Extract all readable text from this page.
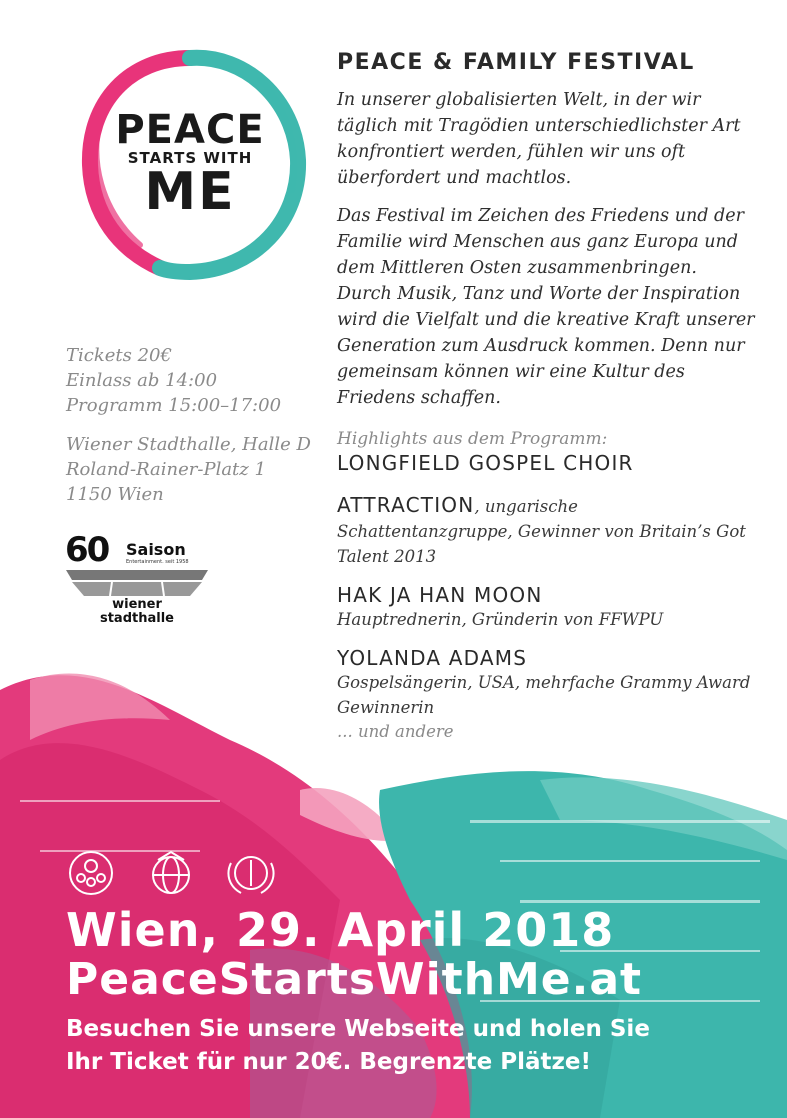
PEACE
STARTS WITH
ME

Tickets 20€

Einlass ab 14:00

Programm 15:00–17:00

Wiener Stadthalle, Halle D

Roland-Rainer-Platz 1

1150 Wien

60 Saison
Entertainment. seit 1958
wiener
stadthalle
PEACE & FAMILY FESTIVAL

In unserer globalisierten Welt, in der wir täglich mit Tragödien unterschiedlichster Art konfrontiert werden, fühlen wir uns oft überfordert und machtlos.

Das Festival im Zeichen des Friedens und der Familie wird Menschen aus ganz Europa und dem Mittleren Osten zusammenbringen. Durch Musik, Tanz und Worte der Inspiration wird die Vielfalt und die kreative Kraft unserer Generation zum Ausdruck kommen. Denn nur gemeinsam können wir eine Kultur des Friedens schaffen.

Highlights aus dem Programm:
LONGFIELD GOSPEL CHOIR
ATTRACTION, ungarische
Schattentanzgruppe, Gewinner von Britain’s Got Talent 2013
HAK JA HAN MOON
Hauptrednerin, Gründerin von FFWPU
YOLANDA ADAMS
Gospelsängerin, USA, mehrfache Grammy Award Gewinnerin
... und andere
Wien, 29. April 2018
PeaceStartsWithMe.at
Besuchen Sie unsere Webseite und holen Sie
Ihr Ticket für nur 20€. Begrenzte Plätze!
